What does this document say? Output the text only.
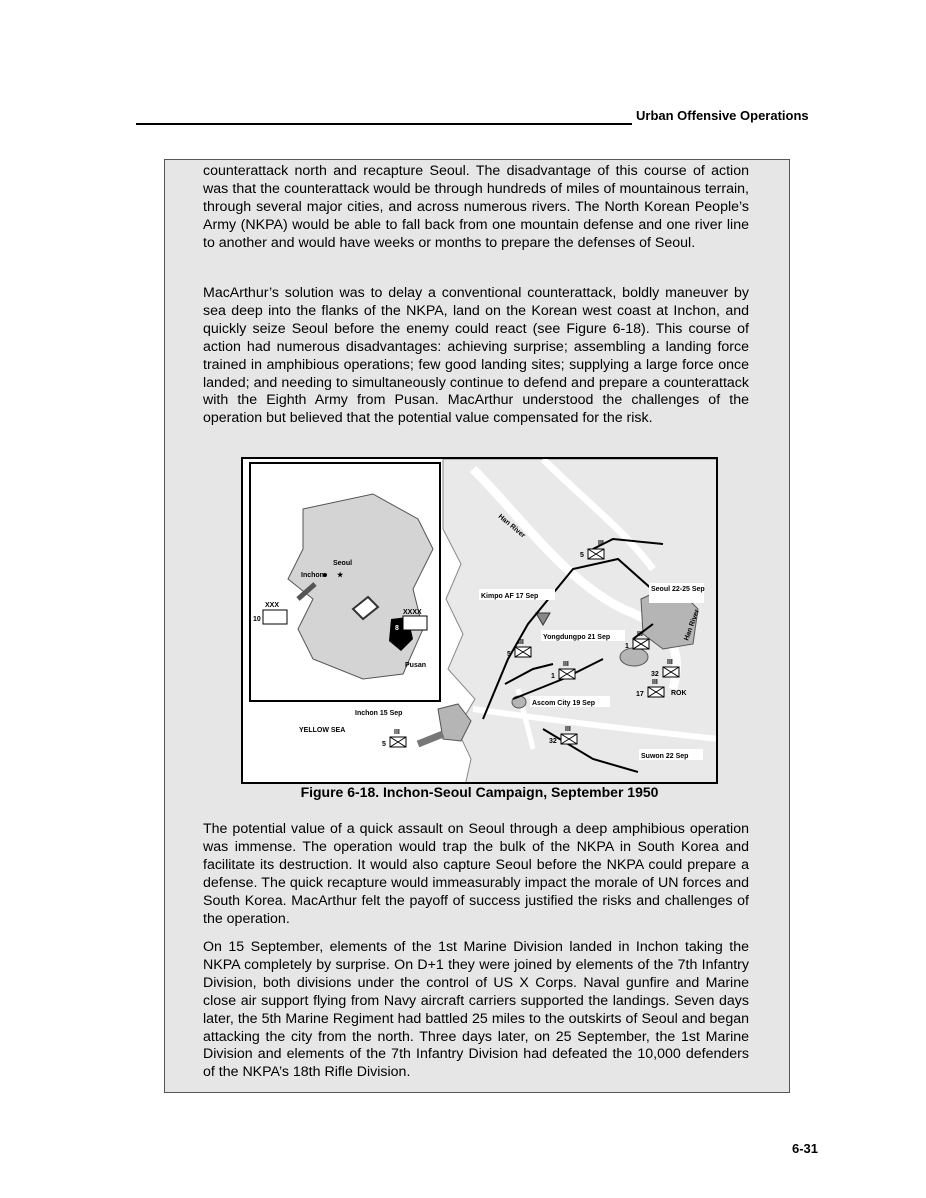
Urban Offensive Operations

counterattack north and recapture Seoul. The disadvantage of this course of action was that the counterattack would be through hundreds of miles of mountainous terrain, through several major cities, and across numerous rivers. The North Korean People’s Army (NKPA) would be able to fall back from one mountain defense and one river line to another and would have weeks or months to prepare the defenses of Seoul.

MacArthur’s solution was to delay a conventional counterattack, boldly maneuver by sea deep into the flanks of the NKPA, land on the Korean west coast at Inchon, and quickly seize Seoul before the enemy could react (see Figure 6-18). This course of action had numerous disadvantages: achieving surprise; assembling a landing force trained in amphibious operations; few good landing sites; supplying a large force once landed; and needing to simultaneously continue to defend and prepare a counterattack with the Eighth Army from Pusan. MacArthur understood the challenges of the operation but believed that the potential value compensated for the risk.

★
Seoul
Inchon
Pusan
XXX
10
XXXX
8
Kimpo AF 17 Sep
Seoul 22-25 Sep
Yongdungpo 21 Sep
Ascom City 19 Sep
Inchon 15 Sep
YELLOW SEA
Suwon 22 Sep
Han River
Han River
ROK
III
5
III
5
III
1
III
1
III
32
III
17
III
32
III
5
Figure 6-18. Inchon-Seoul Campaign, September 1950

The potential value of a quick assault on Seoul through a deep amphibious operation was immense. The operation would trap the bulk of the NKPA in South Korea and facilitate its destruction. It would also capture Seoul before the NKPA could prepare a defense. The quick recapture would immeasurably impact the morale of UN forces and South Korea. MacArthur felt the payoff of success justified the risks and challenges of the operation.

On 15 September, elements of the 1st Marine Division landed in Inchon taking the NKPA completely by surprise. On D+1 they were joined by elements of the 7th Infantry Division, both divisions under the control of US X Corps. Naval gunfire and Marine close air support flying from Navy aircraft carriers supported the landings. Seven days later, the 5th Marine Regiment had battled 25 miles to the outskirts of Seoul and began attacking the city from the north. Three days later, on 25 September, the 1st Marine Division and elements of the 7th Infantry Division had defeated the 10,000 defenders of the NKPA’s 18th Rifle Division.

6-31
